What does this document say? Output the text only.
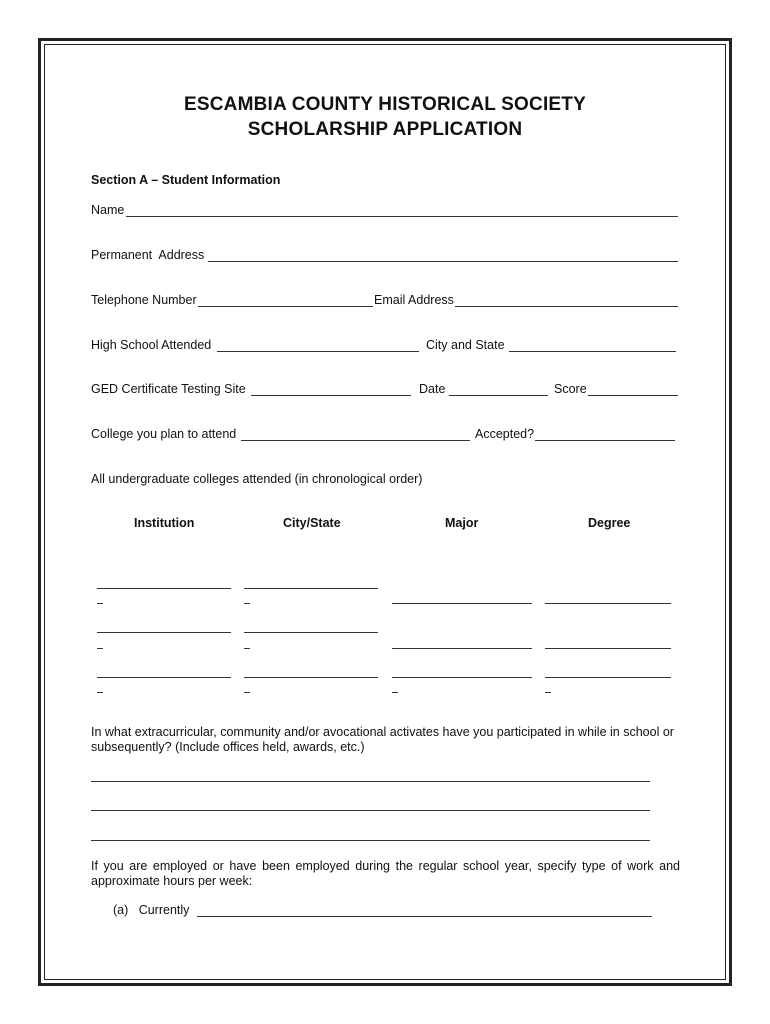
ESCAMBIA COUNTY HISTORICAL SOCIETY
SCHOLARSHIP APPLICATION
Section A – Student Information
Name
Permanent  Address
Telephone Number	Email Address
High School Attended	City and State
GED Certificate Testing Site	Date	Score
College you plan to attend	Accepted?
All undergraduate colleges attended (in chronological order)
Institution	City/State	Major	Degree
In what extracurricular, community and/or avocational activates have you participated in while in school or subsequently? (Include offices held, awards, etc.)
If you are employed or have been employed during the regular school year, specify type of work and approximate hours per week:
(a)   Currently
